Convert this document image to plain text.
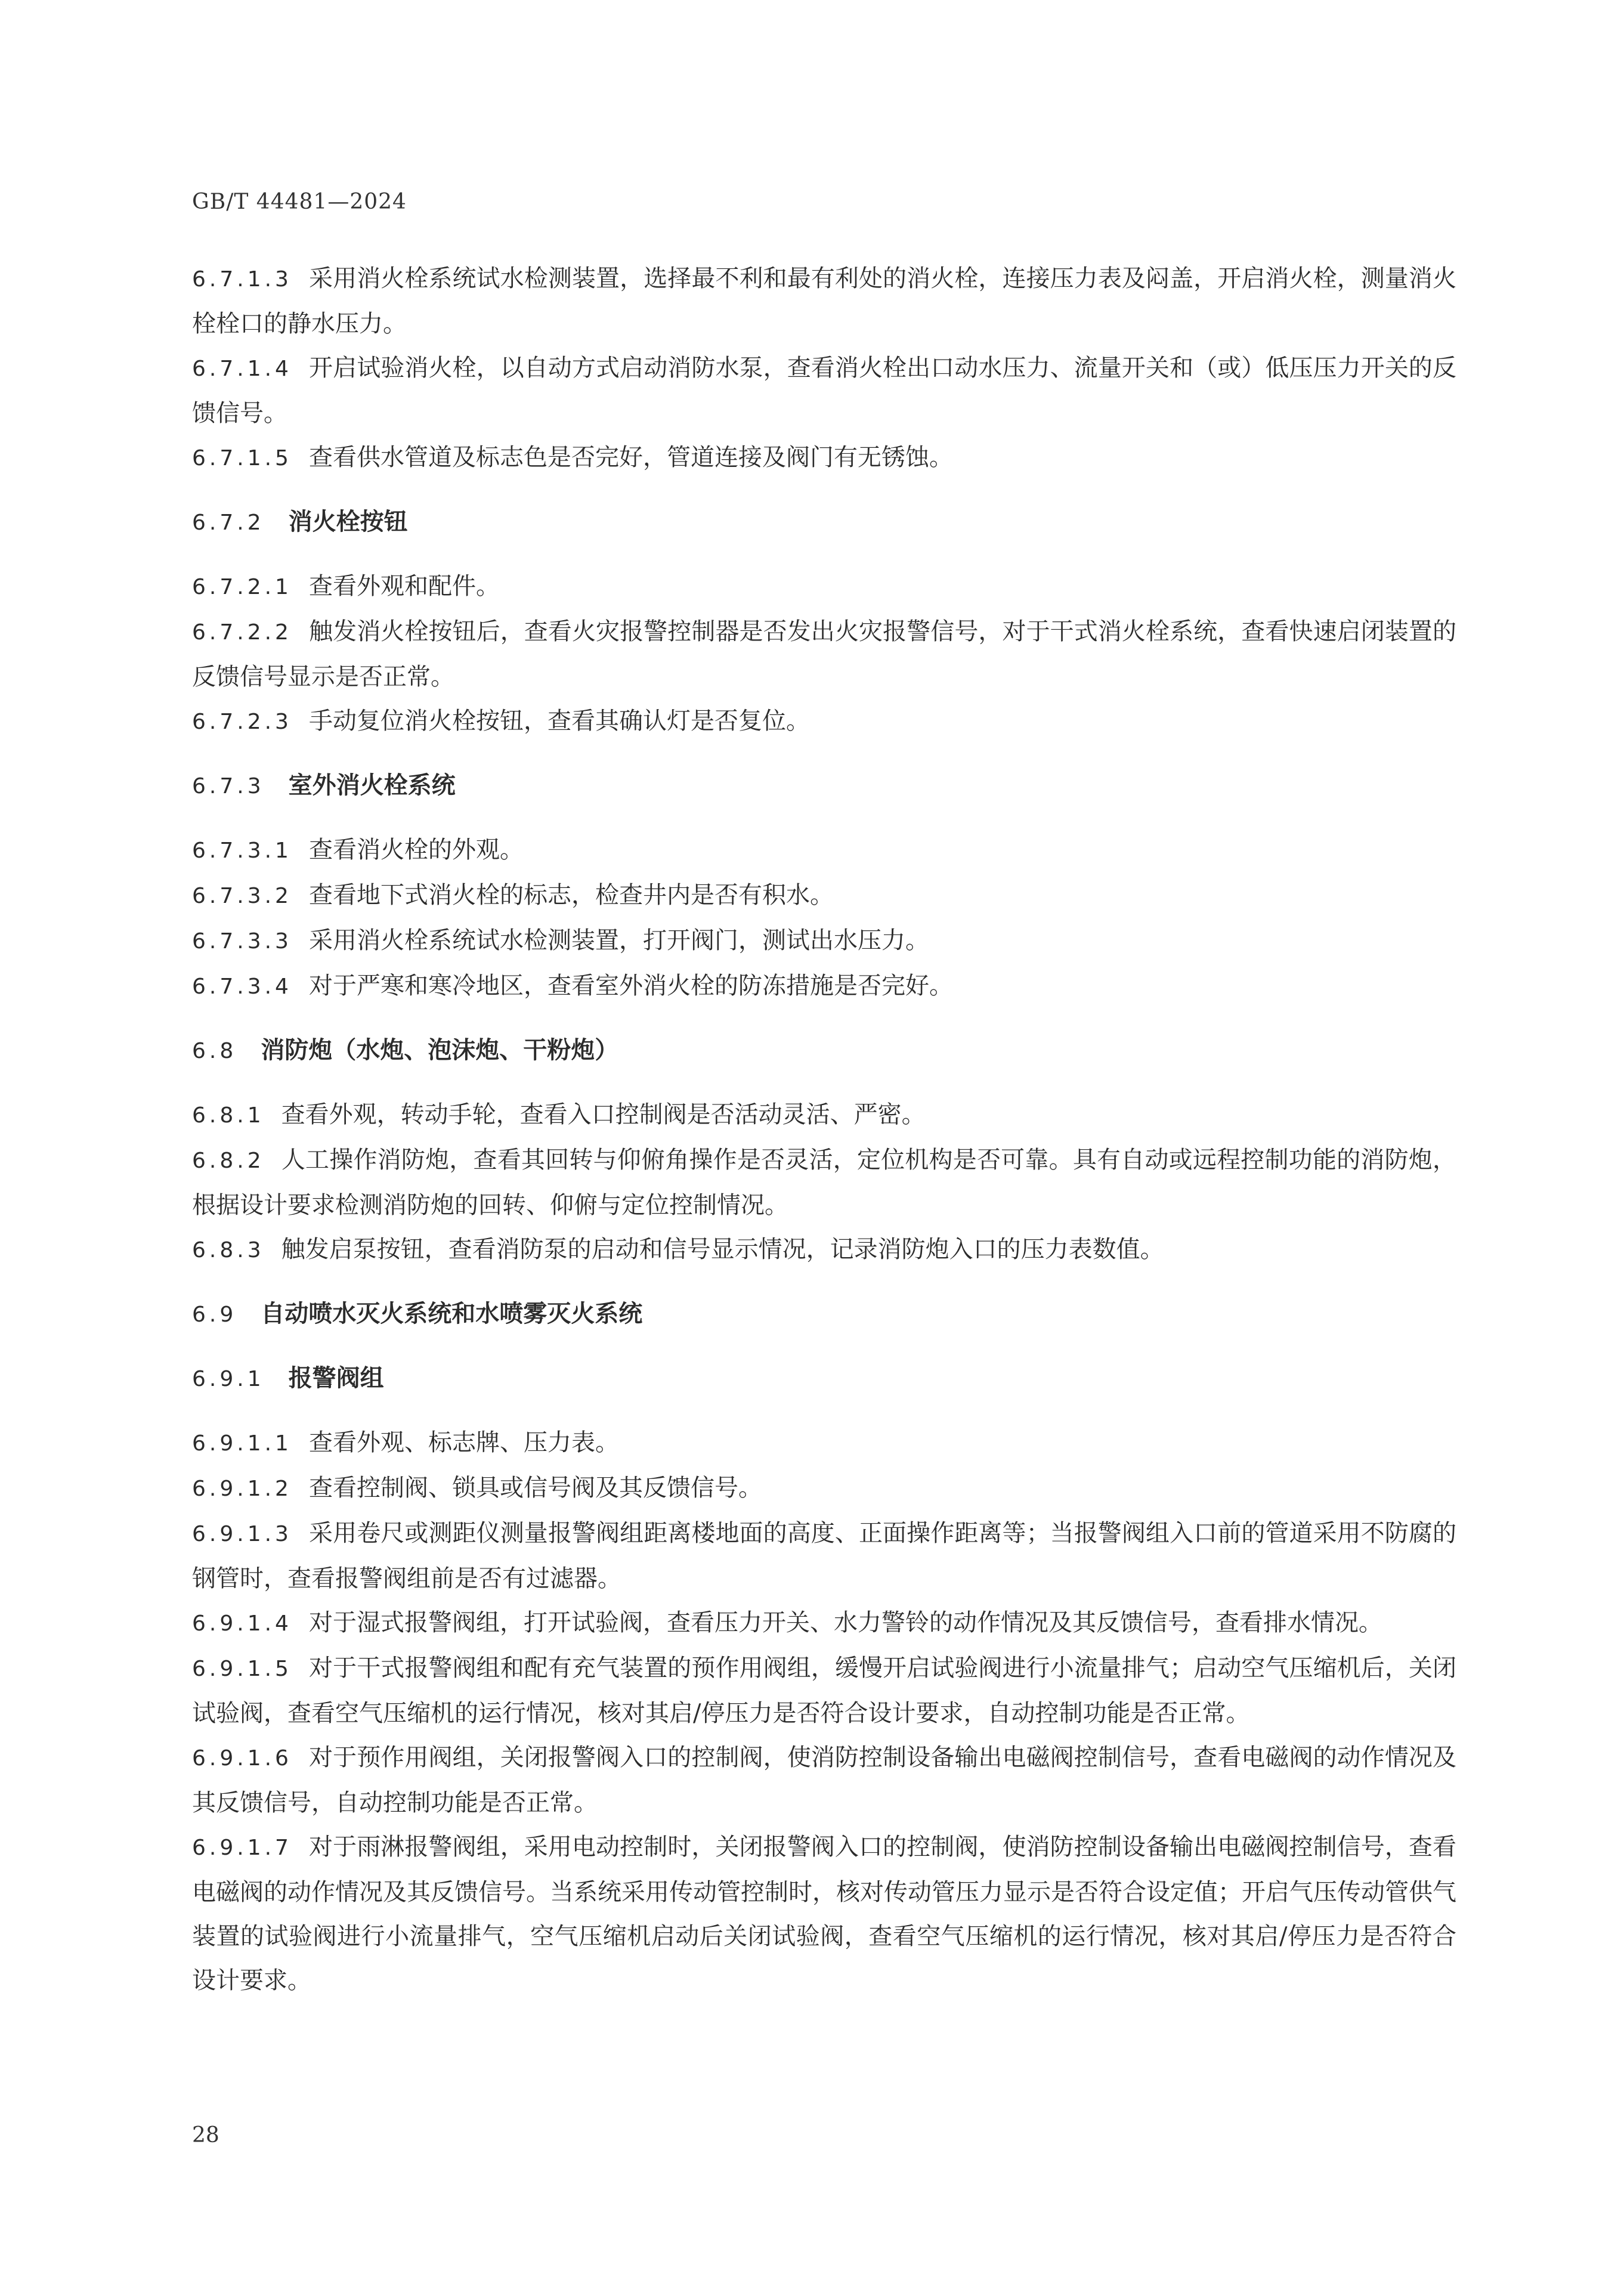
GB/T 44481—2024

6.7.1.3 采用消火栓系统试水检测装置，选择最不利和最有利处的消火栓，连接压力表及闷盖，开启消火栓，测量消火栓栓口的静水压力。

6.7.1.4 开启试验消火栓，以自动方式启动消防水泵，查看消火栓出口动水压力、流量开关和（或）低压压力开关的反馈信号。

6.7.1.5 查看供水管道及标志色是否完好，管道连接及阀门有无锈蚀。

6.7.2 消火栓按钮

6.7.2.1 查看外观和配件。

6.7.2.2 触发消火栓按钮后，查看火灾报警控制器是否发出火灾报警信号，对于干式消火栓系统，查看快速启闭装置的反馈信号显示是否正常。

6.7.2.3 手动复位消火栓按钮，查看其确认灯是否复位。

6.7.3 室外消火栓系统

6.7.3.1 查看消火栓的外观。

6.7.3.2 查看地下式消火栓的标志，检查井内是否有积水。

6.7.3.3 采用消火栓系统试水检测装置，打开阀门，测试出水压力。

6.7.3.4 对于严寒和寒冷地区，查看室外消火栓的防冻措施是否完好。

6.8 消防炮（水炮、泡沫炮、干粉炮）

6.8.1 查看外观，转动手轮，查看入口控制阀是否活动灵活、严密。

6.8.2 人工操作消防炮，查看其回转与仰俯角操作是否灵活，定位机构是否可靠。具有自动或远程控制功能的消防炮，根据设计要求检测消防炮的回转、仰俯与定位控制情况。

6.8.3 触发启泵按钮，查看消防泵的启动和信号显示情况，记录消防炮入口的压力表数值。

6.9 自动喷水灭火系统和水喷雾灭火系统
6.9.1 报警阀组

6.9.1.1 查看外观、标志牌、压力表。

6.9.1.2 查看控制阀、锁具或信号阀及其反馈信号。

6.9.1.3 采用卷尺或测距仪测量报警阀组距离楼地面的高度、正面操作距离等；当报警阀组入口前的管道采用不防腐的钢管时，查看报警阀组前是否有过滤器。

6.9.1.4 对于湿式报警阀组，打开试验阀，查看压力开关、水力警铃的动作情况及其反馈信号，查看排水情况。

6.9.1.5 对于干式报警阀组和配有充气装置的预作用阀组，缓慢开启试验阀进行小流量排气；启动空气压缩机后，关闭试验阀，查看空气压缩机的运行情况，核对其启/停压力是否符合设计要求，自动控制功能是否正常。

6.9.1.6 对于预作用阀组，关闭报警阀入口的控制阀，使消防控制设备输出电磁阀控制信号，查看电磁阀的动作情况及其反馈信号，自动控制功能是否正常。

6.9.1.7 对于雨淋报警阀组，采用电动控制时，关闭报警阀入口的控制阀，使消防控制设备输出电磁阀控制信号，查看电磁阀的动作情况及其反馈信号。当系统采用传动管控制时，核对传动管压力显示是否符合设定值；开启气压传动管供气装置的试验阀进行小流量排气，空气压缩机启动后关闭试验阀，查看空气压缩机的运行情况，核对其启/停压力是否符合设计要求。

28
